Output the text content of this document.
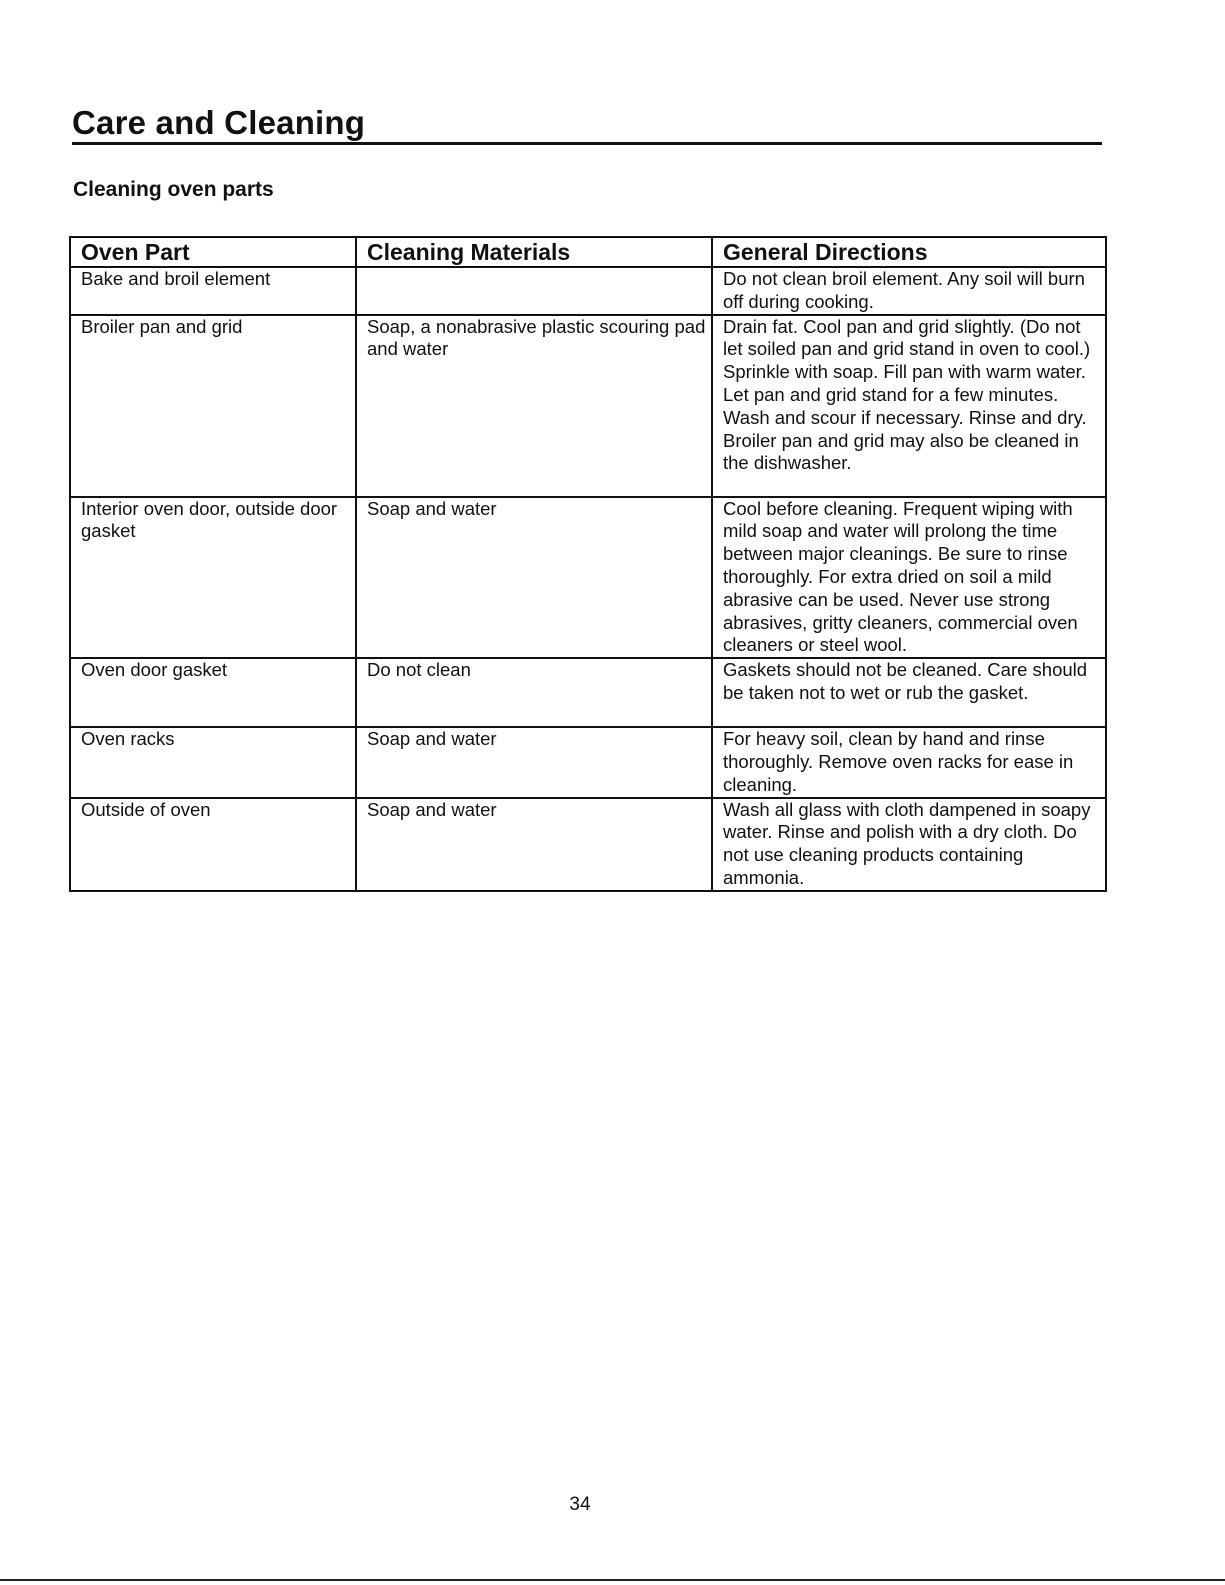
Care and Cleaning
Cleaning oven parts
Oven Part	Cleaning Materials	General Directions
Bake and broil element		Do not clean broil element. Any soil will burn off during cooking.
Broiler pan and grid	Soap, a nonabrasive plastic scouring pad and water	Drain fat. Cool pan and grid slightly. (Do not let soiled pan and grid stand in oven to cool.) Sprinkle with soap. Fill pan with warm water. Let pan and grid stand for a few minutes. Wash and scour if necessary. Rinse and dry. Broiler pan and grid may also be cleaned in the dishwasher.
Interior oven door, outside door gasket	Soap and water	Cool before cleaning. Frequent wiping with mild soap and water will prolong the time between major cleanings. Be sure to rinse thoroughly. For extra dried on soil a mild abrasive can be used. Never use strong abrasives, gritty cleaners, commercial oven cleaners or steel wool.
Oven door gasket	Do not clean	Gaskets should not be cleaned. Care should be taken not to wet or rub the gasket.
Oven racks	Soap and water	For heavy soil, clean by hand and rinse thoroughly. Remove oven racks for ease in cleaning.
Outside of oven	Soap and water	Wash all glass with cloth dampened in soapy water. Rinse and polish with a dry cloth. Do not use cleaning products containing ammonia.
34
